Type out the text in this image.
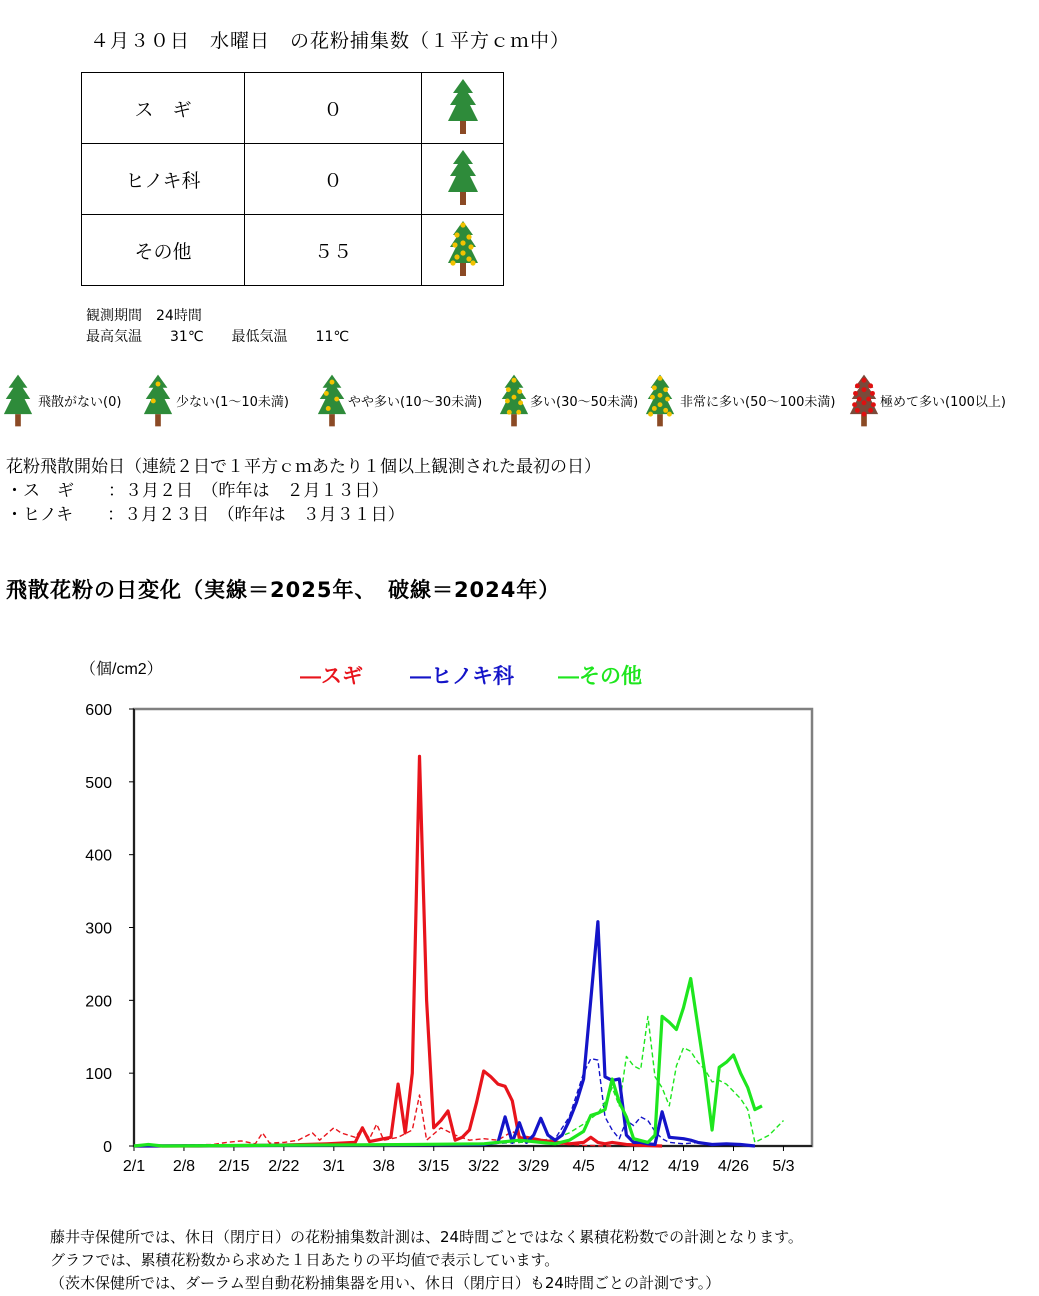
４月３０日　水曜日　の花粉捕集数（１平方ｃｍ中）
ス　ギ	０	
ヒノキ科	０	
その他	５５	
観測期間　24時間
最高気温　　31℃　　最低気温　　11℃
飛散がない(0)	少ない(1～10未満)	やや多い(10～30未満)	多い(30～50未満)	非常に多い(50～100未満)	極めて多い(100以上)
花粉飛散開始日（連続２日で１平方ｃｍあたり１個以上観測された最初の日）
・ス　ギ　　：３月２日　（昨年は　２月１３日）
・ヒノキ　　：３月２３日　（昨年は　３月３１日）
飛散花粉の日変化（実線＝2025年、　破線＝2024年）
0
100
200
300
400
500
600
2/1 2/8 2/15 2/22 3/1 3/8 3/15 3/22 3/29 4/5 4/12 4/19 4/26 5/3
（個/cm2）	—スギ —ヒノキ科 —その他
藤井寺保健所では、休日（閉庁日）の花粉捕集数計測は、24時間ごとではなく累積花粉数での計測となります。
グラフでは、累積花粉数から求めた１日あたりの平均値で表示しています。
（茨木保健所では、ダーラム型自動花粉捕集器を用い、休日（閉庁日）も24時間ごとの計測です。）
